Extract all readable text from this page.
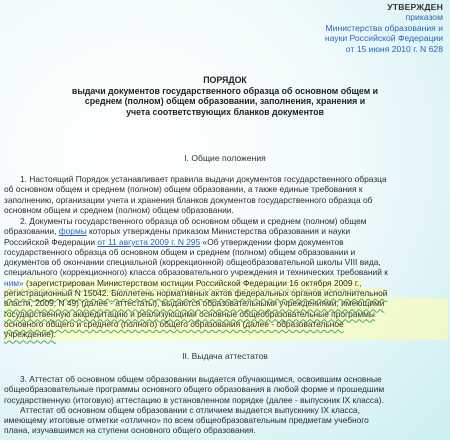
УТВЕРЖДЕН
приказом
Министерства образования и
науки Российской Федерации
от 15 июня 2010 г. N 628
ПОРЯДОК
выдачи документов государственного образца об основном общем и
среднем (полном) общем образовании, заполнения, хранения и
учета соответствующих бланков документов
I. Общие положения

1. Настоящий Порядок устанавливает правила выдачи документов государственного образца

об основном общем и среднем (полном) общем образовании, а также единые требования к
заполнению, организации учета и хранения бланков документов государственного образца об
основном общем и среднем (полном) общем образовании.

2. Документы государственного образца об основном общем и среднем (полном) общем

образовании, формы которых утверждены приказом Министерства образования и науки
Российской Федерации от 11 августа 2009 г. N 295 «Об утверждении форм документов
государственного образца об основном общем и среднем (полном) общем образовании и
документов об окончании специальной (коррекционной) общеобразовательной школы VIII вида,
специального (коррекционного) класса образовательного учреждения и технических требований к
ним» (зарегистрирован Министерством юстиции Российской Федерации 16 октября 2009 г.,
регистрационный N 15042. Бюллетень нормативных актов федеральных органов исполнительной
власти, 2009, N 49) (далее - аттестаты), выдаются образовательными учреждениями, имеющими
государственную аккредитацию и реализующими основные общеобразовательные программы
основного общего и среднего (полного) общего образования (далее - образовательное
учреждение).
II. Выдача аттестатов

3. Аттестат об основном общем образовании выдается обучающимся, освоившим основные

общеобразовательные программы основного общего образования в любой форме и прошедшим
государственную (итоговую) аттестацию в установленном порядке (далее - выпускник IX класса).

Аттестат об основном общем образовании с отличием выдается выпускнику IX класса,

имеющему итоговые отметки «отлично» по всем общеобразовательным предметам учебного
плана, изучавшимся на ступени основного общего образования.
